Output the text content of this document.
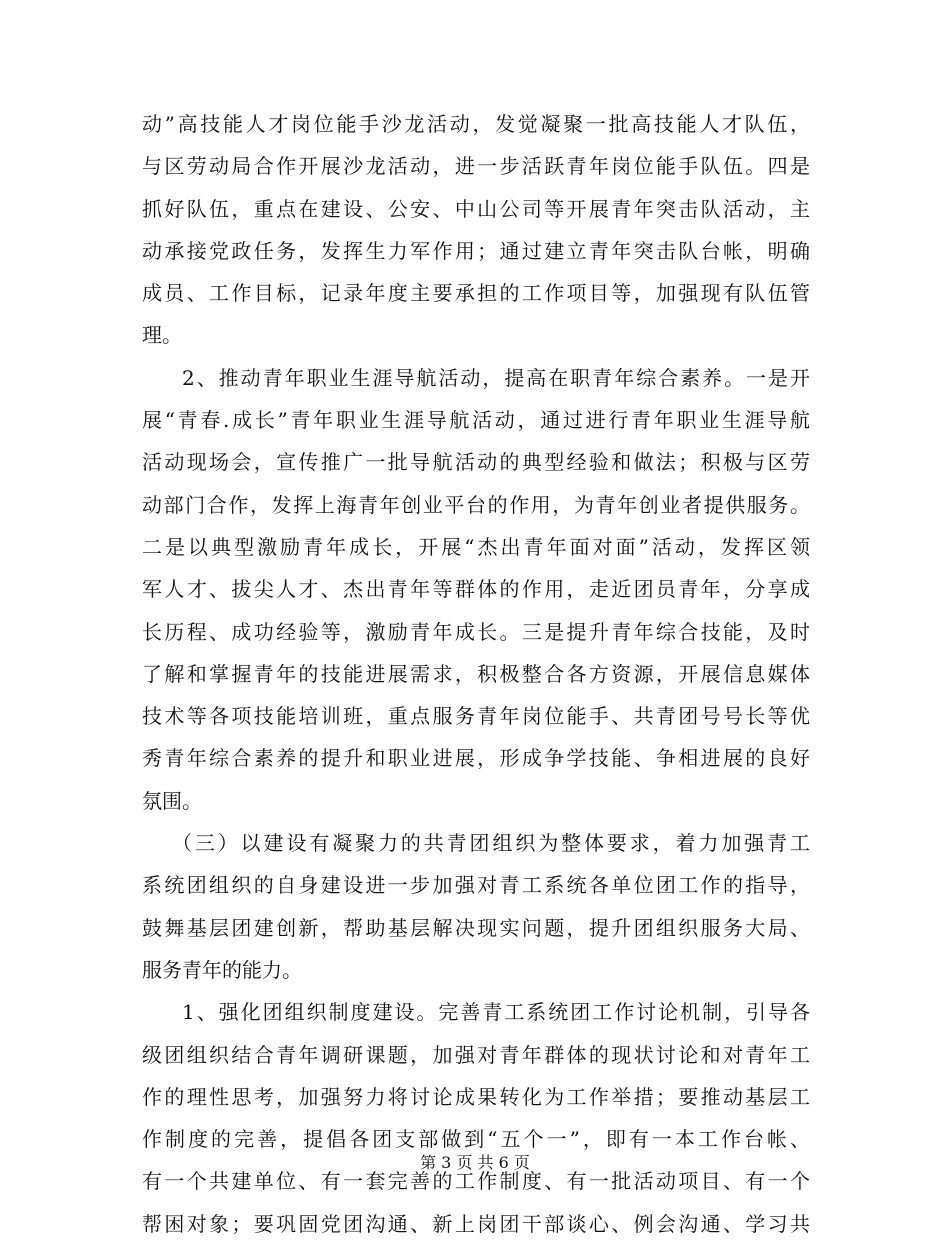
动”高技能人才岗位能手沙龙活动，发觉凝聚一批高技能人才队伍，
与区劳动局合作开展沙龙活动，进一步活跃青年岗位能手队伍。四是
抓好队伍，重点在建设、公安、中山公司等开展青年突击队活动，主
动承接党政任务，发挥生力军作用；通过建立青年突击队台帐，明确
成员、工作目标，记录年度主要承担的工作项目等，加强现有队伍管
理。
2、推动青年职业生涯导航活动，提高在职青年综合素养。一是开
展“青春.成长”青年职业生涯导航活动，通过进行青年职业生涯导航
活动现场会，宣传推广一批导航活动的典型经验和做法；积极与区劳
动部门合作，发挥上海青年创业平台的作用，为青年创业者提供服务。
二是以典型激励青年成长，开展“杰出青年面对面”活动，发挥区领
军人才、拔尖人才、杰出青年等群体的作用，走近团员青年，分享成
长历程、成功经验等，激励青年成长。三是提升青年综合技能，及时
了解和掌握青年的技能进展需求，积极整合各方资源，开展信息媒体
技术等各项技能培训班，重点服务青年岗位能手、共青团号号长等优
秀青年综合素养的提升和职业进展，形成争学技能、争相进展的良好
氛围。
（三）以建设有凝聚力的共青团组织为整体要求，着力加强青工
系统团组织的自身建设进一步加强对青工系统各单位团工作的指导，
鼓舞基层团建创新，帮助基层解决现实问题，提升团组织服务大局、
服务青年的能力。
1、强化团组织制度建设。完善青工系统团工作讨论机制，引导各
级团组织结合青年调研课题，加强对青年群体的现状讨论和对青年工
作的理性思考，加强努力将讨论成果转化为工作举措；要推动基层工
作制度的完善，提倡各团支部做到“五个一”，即有一本工作台帐、
有一个共建单位、有一套完善的工作制度、有一批活动项目、有一个
帮困对象；要巩固党团沟通、新上岗团干部谈心、例会沟通、学习共
第 3 页 共 6 页
